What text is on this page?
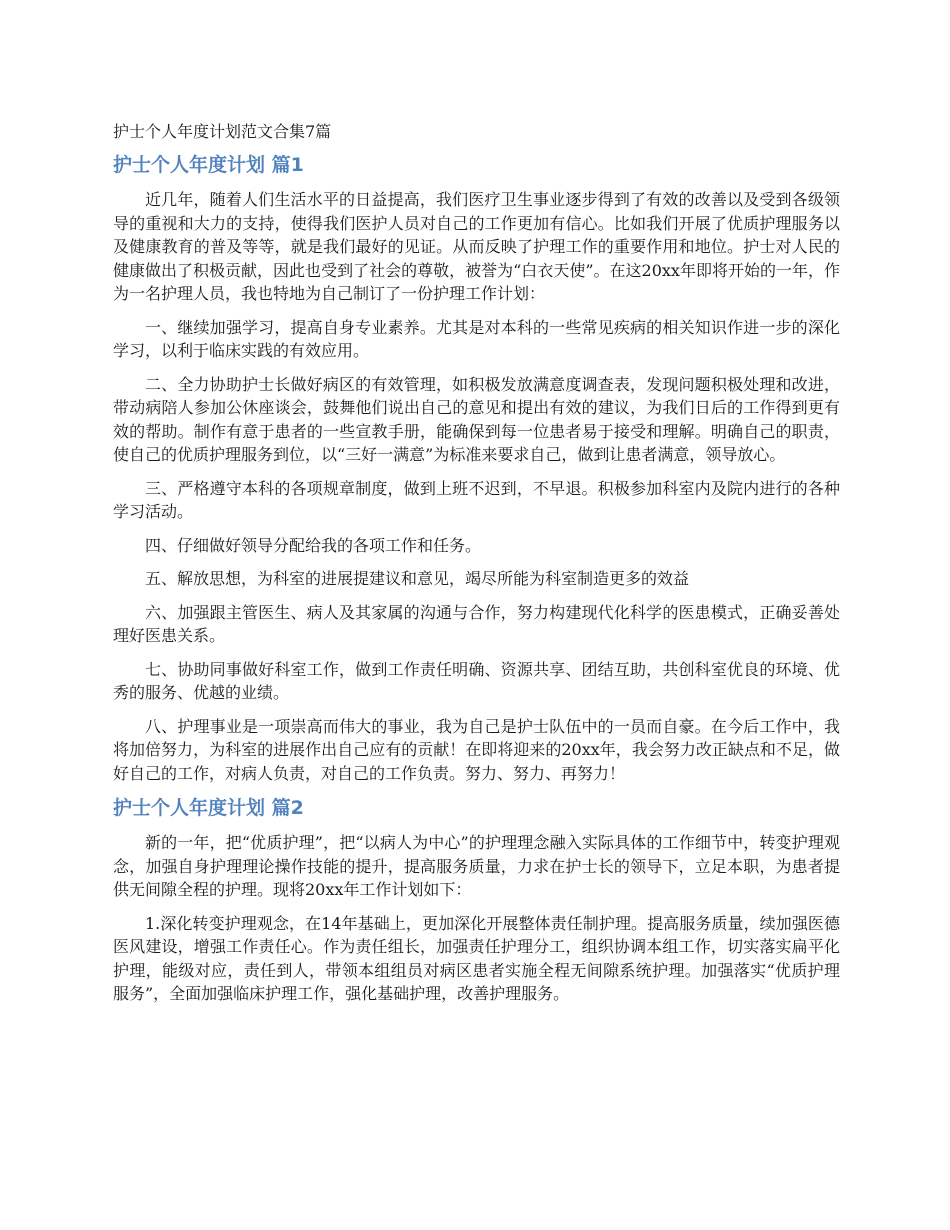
护士个人年度计划范文合集7篇
护士个人年度计划 篇1

近几年，随着人们生活水平的日益提高，我们医疗卫生事业逐步得到了有效的改善以及受到各级领导的重视和大力的支持，使得我们医护人员对自己的工作更加有信心。比如我们开展了优质护理服务以及健康教育的普及等等，就是我们最好的见证。从而反映了护理工作的重要作用和地位。护士对人民的健康做出了积极贡献，因此也受到了社会的尊敬，被誉为“白衣天使”。在这20xx年即将开始的一年，作为一名护理人员，我也特地为自己制订了一份护理工作计划：

一、继续加强学习，提高自身专业素养。尤其是对本科的一些常见疾病的相关知识作进一步的深化学习，以利于临床实践的有效应用。

二、全力协助护士长做好病区的有效管理，如积极发放满意度调查表，发现问题积极处理和改进，带动病陪人参加公休座谈会，鼓舞他们说出自己的意见和提出有效的建议，为我们日后的工作得到更有效的帮助。制作有意于患者的一些宣教手册，能确保到每一位患者易于接受和理解。明确自己的职责，使自己的优质护理服务到位，以“三好一满意”为标准来要求自己，做到让患者满意，领导放心。

三、严格遵守本科的各项规章制度，做到上班不迟到，不早退。积极参加科室内及院内进行的各种学习活动。

四、仔细做好领导分配给我的各项工作和任务。

五、解放思想，为科室的进展提建议和意见，竭尽所能为科室制造更多的效益

六、加强跟主管医生、病人及其家属的沟通与合作，努力构建现代化科学的医患模式，正确妥善处理好医患关系。

七、协助同事做好科室工作，做到工作责任明确、资源共享、团结互助，共创科室优良的环境、优秀的服务、优越的业绩。

八、护理事业是一项崇高而伟大的事业，我为自己是护士队伍中的一员而自豪。在今后工作中，我将加倍努力，为科室的进展作出自己应有的贡献！在即将迎来的20xx年，我会努力改正缺点和不足，做好自己的工作，对病人负责，对自己的工作负责。努力、努力、再努力！

护士个人年度计划 篇2

新的一年，把“优质护理”，把“以病人为中心”的护理理念融入实际具体的工作细节中，转变护理观念，加强自身护理理论操作技能的提升，提高服务质量，力求在护士长的领导下，立足本职，为患者提供无间隙全程的护理。现将20xx年工作计划如下：

1.深化转变护理观念，在14年基础上，更加深化开展整体责任制护理。提高服务质量，续加强医德医风建设，增强工作责任心。作为责任组长，加强责任护理分工，组织协调本组工作，切实落实扁平化护理，能级对应，责任到人，带领本组组员对病区患者实施全程无间隙系统护理。加强落实“优质护理服务”，全面加强临床护理工作，强化基础护理，改善护理服务。
